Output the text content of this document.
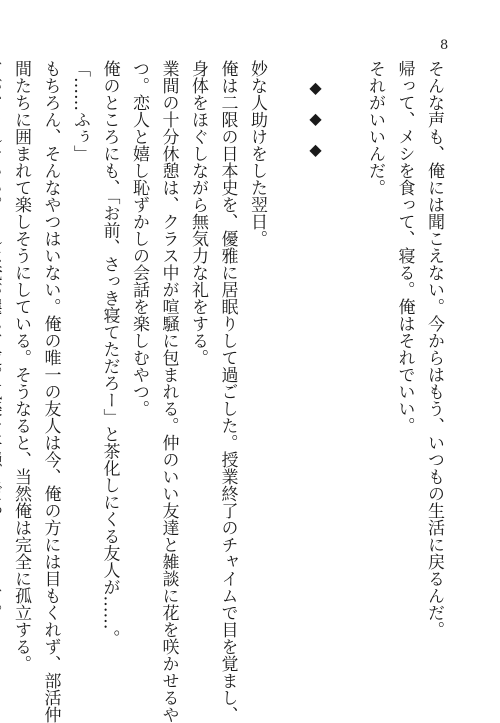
8
そんな声も、俺には聞こえない。今からはもう、いつもの生活に戻るんだ。
帰って、メシを食って、寝る。俺はそれでいい。
それがいいんだ。
◆◆◆
妙な人助けをした翌日。
俺は二限の日本史を、優雅に居眠りして過ごした。授業終了のチャイムで目を覚まし、
身体をほぐしながら無気力な礼をする。
業間の十分休憩は、クラス中が喧騒に包まれる。仲のいい友達と雑談に花を咲かせるや
つ。恋人と嬉し恥ずかしの会話を楽しむやつ。
俺のところにも、「お前、さっき寝てただろー」と茶化しにくる友人が……。
「……ふぅ」
もちろん、そんなやつはいない。俺の唯一の友人は今、俺の方には目もくれず、部活仲
間たちに囲まれて楽しそうにしている。そうなると、当然俺は完全に孤立する。
